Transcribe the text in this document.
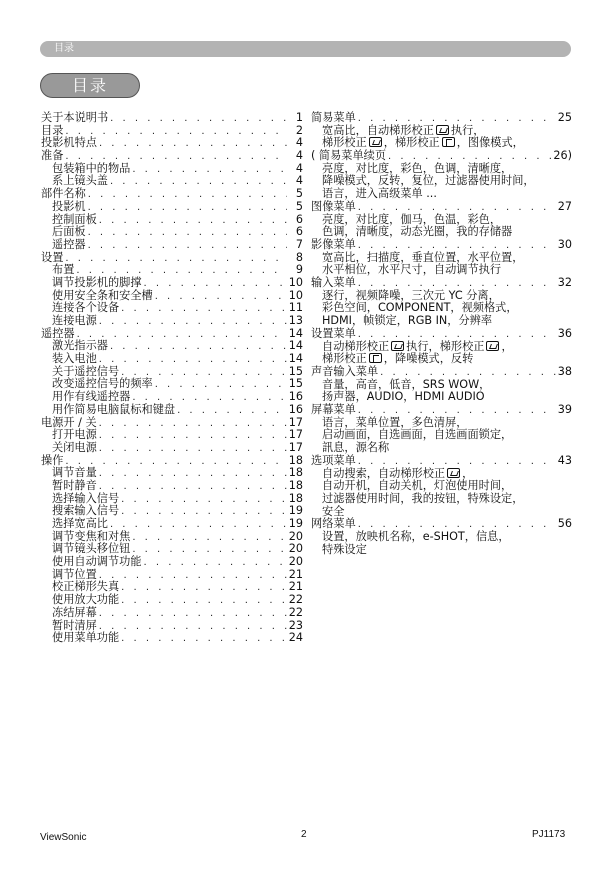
目录
目录
关于本说明书 . . .	1
目录 . . .	2
投影机特点 . . .	4
准备 . . .	4
包装箱中的物品 . . .	4
系上镜头盖 . . .	4
部件名称 . . .	5
投影机 . . .	5
控制面板 . . .	6
后面板 . . .	6
遥控器 . . .	7
设置 . . .	8
布置 . . .	9
调节投影机的脚撑 . . .	10
使用安全条和安全槽 . . .	10
连接各个设备 . . .	11
连接电源 . . .	13
遥控器 . . .	14
激光指示器 . . .	14
装入电池 . . .	14
关于遥控信号 . . .	15
改变遥控信号的频率 . . .	15
用作有线遥控器 . . .	16
用作简易电脑鼠标和键盘 . . .	16
电源开 / 关 . . .	17
打开电源 . . .	17
关闭电源 . . .	17
操作 . . .	18
调节音量 . . .	18
暂时静音 . . .	18
选择输入信号 . . .	18
搜索输入信号 . . .	19
选择宽高比 . . .	19
调节变焦和对焦 . . .	20
调节镜头移位钮 . . .	20
使用自动调节功能 . . .	20
调节位置 . . .	21
校正梯形失真 . . .	21
使用放大功能 . . .	22
冻结屏幕 . . .	22
暂时清屏 . . .	23
使用菜单功能 . . .	24
简易菜单 . . .	25
宽高比，自动梯形校正 执行，
梯形校正 ，梯形校正 ，图像模式，
( 简易菜单续页 . . .	26)
亮度，对比度，彩色，色调，清晰度，
降噪模式，反转，复位，过滤器使用时间，
语言，进入高级菜单 ...
图像菜单 . . .	27
亮度，对比度，伽马，色温，彩色，
色调，清晰度，动态光圈，我的存储器
影像菜单 . . .	30
宽高比，扫描度，垂直位置，水平位置，
水平相位，水平尺寸，自动调节执行
输入菜单 . . .	32
逐行，视频降噪，三次元 YC 分离，
彩色空间，COMPONENT，视频格式，
HDMI，帧锁定，RGB IN，分辨率
设置菜单 . . .	36
自动梯形校正 执行，梯形校正 ，
梯形校正 ，降噪模式，反转
声音输入菜单 . . .	38
音量，高音，低音，SRS WOW，
扬声器，AUDIO，HDMI AUDIO
屏幕菜单 . . .	39
语言，菜单位置，多色清屏，
启动画面，自选画面，自选画面锁定，
訊息，源名称
选项菜单 . . .	43
自动搜索，自动梯形校正 ，
自动开机，自动关机，灯泡使用时间，
过滤器使用时间，我的按钮，特殊设定，
安全
网络菜单 . . .	56
设置，放映机名称，e-SHOT，信息，
特殊设定
ViewSonic	2	PJ1173
